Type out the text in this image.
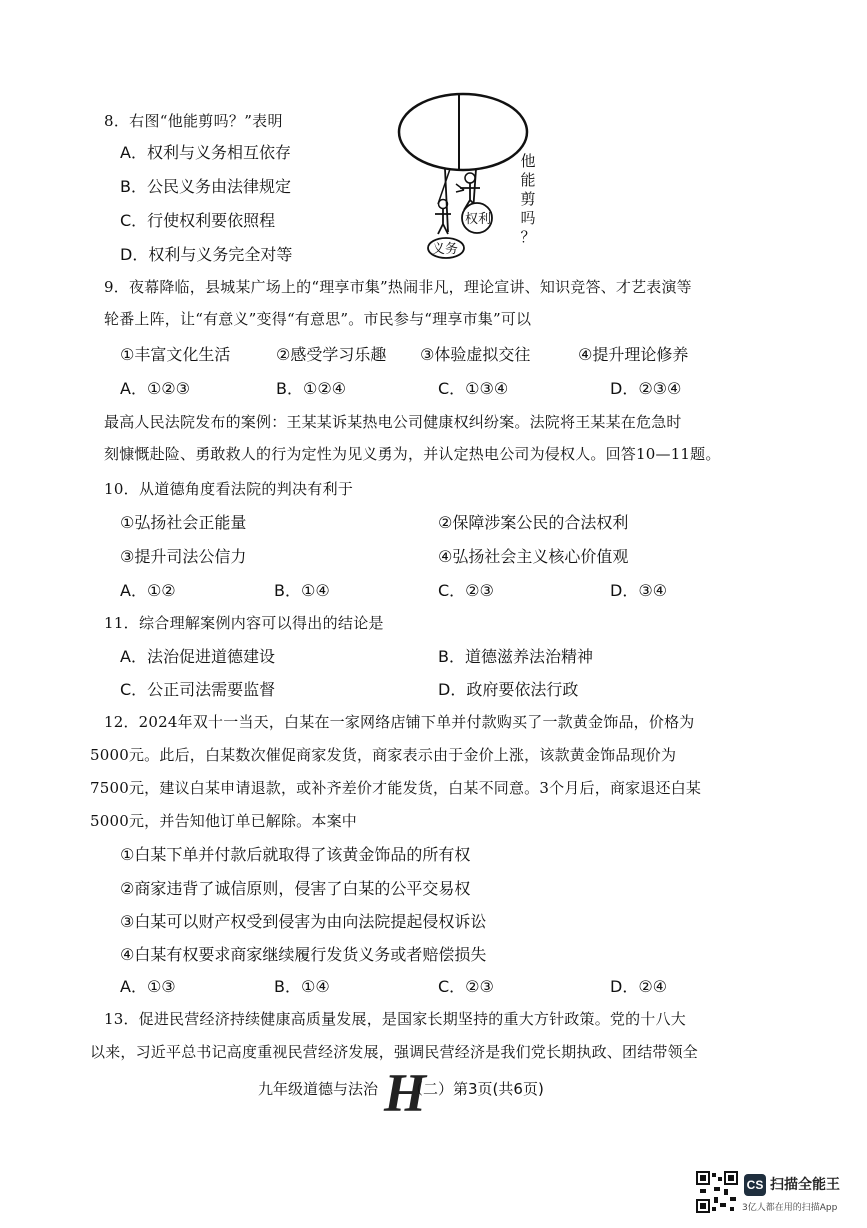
8．右图“他能剪吗？”表明
A．权利与义务相互依存
B．公民义务由法律规定
C．行使权利要依照程
D．权利与义务完全对等
权利
义务
他
能
剪
吗
？
9．夜幕降临，县城某广场上的“理享市集”热闹非凡，理论宣讲、知识竞答、才艺表演等
轮番上阵，让“有意义”变得“有意思”。市民参与“理享市集”可以
①丰富文化生活	②感受学习乐趣 ③体验虚拟交往	④提升理论修养
A．①②③	B．①②④	C．①③④	D．②③④
最高人民法院发布的案例：王某某诉某热电公司健康权纠纷案。法院将王某某在危急时
刻慷慨赴险、勇敢救人的行为定性为见义勇为，并认定热电公司为侵权人。回答10—11题。
10．从道德角度看法院的判决有利于
①弘扬社会正能量	②保障涉案公民的合法权利
③提升司法公信力	④弘扬社会主义核心价值观
A．①②	B．①④	C．②③	D．③④
11．综合理解案例内容可以得出的结论是
A．法治促进道德建设	B．道德滋养法治精神
C．公正司法需要监督	D．政府要依法行政
12．2024年双十一当天，白某在一家网络店铺下单并付款购买了一款黄金饰品，价格为
5000元。此后，白某数次催促商家发货，商家表示由于金价上涨，该款黄金饰品现价为
7500元，建议白某申请退款，或补齐差价才能发货，白某不同意。3个月后，商家退还白某
5000元，并告知他订单已解除。本案中
①白某下单并付款后就取得了该黄金饰品的所有权
②商家违背了诚信原则，侵害了白某的公平交易权
③白某可以财产权受到侵害为由向法院提起侵权诉讼
④白某有权要求商家继续履行发货义务或者赔偿损失
A．①③	B．①④	C．②③	D．②④
13．促进民营经济持续健康高质量发展，是国家长期坚持的重大方针政策。党的十八大
以来，习近平总书记高度重视民营经济发展，强调民营经济是我们党长期执政、团结带领全
九年级道德与法治 H
（二）第3页(共6页)
CS 扫描全能王
3亿人都在用的扫描App
